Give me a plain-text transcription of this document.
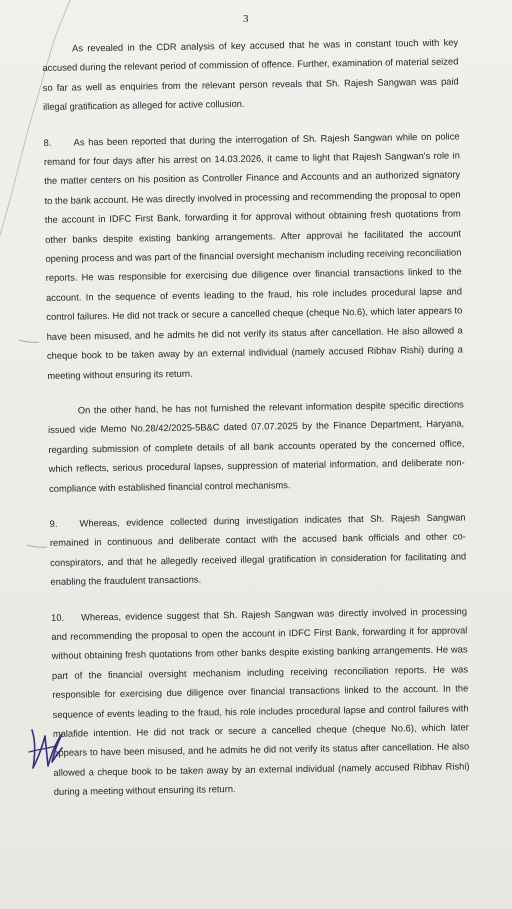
3

As revealed in the CDR analysis of key accused that he was in constant touch with key accused during the relevant period of commission of offence. Further, examination of material seized so far as well as enquiries from the relevant person reveals that Sh. Rajesh Sangwan was paid illegal gratification as alleged for active collusion.

8. As has been reported that during the interrogation of Sh. Rajesh Sangwan while on police remand for four days after his arrest on 14.03.2026, it came to light that Rajesh Sangwan's role in the matter centers on his position as Controller Finance and Accounts and an authorized signatory to the bank account. He was directly involved in processing and recommending the proposal to open the account in IDFC First Bank, forwarding it for approval without obtaining fresh quotations from other banks despite existing banking arrangements. After approval he facilitated the account opening process and was part of the financial oversight mechanism including receiving reconciliation reports. He was responsible for exercising due diligence over financial transactions linked to the account. In the sequence of events leading to the fraud, his role includes procedural lapse and control failures. He did not track or secure a cancelled cheque (cheque No.6), which later appears to have been misused, and he admits he did not verify its status after cancellation. He also allowed a cheque book to be taken away by an external individual (namely accused Ribhav Rishi) during a meeting without ensuring its return.

On the other hand, he has not furnished the relevant information despite specific directions issued vide Memo No.28/42/2025-5B&C dated 07.07.2025 by the Finance Department, Haryana, regarding submission of complete details of all bank accounts operated by the concerned office, which reflects, serious procedural lapses, suppression of material information, and deliberate non-compliance with established financial control mechanisms.

9. Whereas, evidence collected during investigation indicates that Sh. Rajesh Sangwan remained in continuous and deliberate contact with the accused bank officials and other co-conspirators, and that he allegedly received illegal gratification in consideration for facilitating and enabling the fraudulent transactions.

10. Whereas, evidence suggest that Sh. Rajesh Sangwan was directly involved in processing and recommending the proposal to open the account in IDFC First Bank, forwarding it for approval without obtaining fresh quotations from other banks despite existing banking arrangements. He was part of the financial oversight mechanism including receiving reconciliation reports. He was responsible for exercising due diligence over financial transactions linked to the account. In the sequence of events leading to the fraud, his role includes procedural lapse and control failures with malafide intention. He did not track or secure a cancelled cheque (cheque No.6), which later appears to have been misused, and he admits he did not verify its status after cancellation. He also allowed a cheque book to be taken away by an external individual (namely accused Ribhav Rishi) during a meeting without ensuring its return.
